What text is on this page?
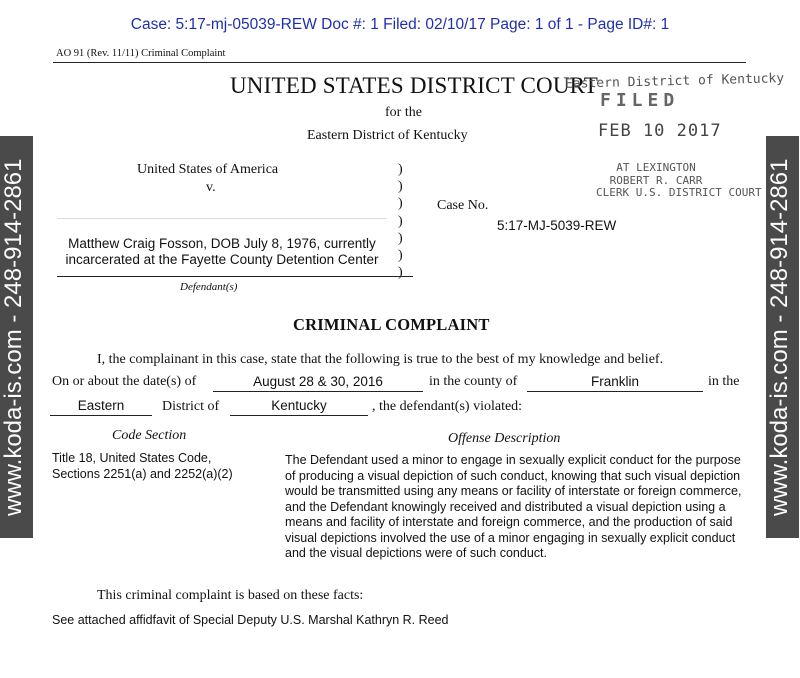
Case: 5:17-mj-05039-REW Doc #: 1 Filed: 02/10/17 Page: 1 of 1 - Page ID#: 1
AO 91 (Rev. 11/11) Criminal Complaint
UNITED STATES DISTRICT COURT
for the
Eastern District of Kentucky
Eastern District of Kentucky
FILED
FEB 10 2017
AT LEXINGTON
ROBERT R. CARR
CLERK U.S. DISTRICT COURT
United States of America
v.
)
)
)
)
)
)
)
Case No.
5:17-MJ-5039-REW
Matthew Craig Fosson, DOB July 8, 1976, currently
incarcerated at the Fayette County Detention Center
Defendant(s)
CRIMINAL COMPLAINT
I, the complainant in this case, state that the following is true to the best of my knowledge and belief.
On or about the date(s) of	August 28 & 30, 2016	in the county of	Franklin	in the
Eastern	District of	Kentucky	, the defendant(s) violated:
Code Section	Offense Description
Title 18, United States Code,
Sections 2251(a) and 2252(a)(2)
The Defendant used a minor to engage in sexually explicit conduct for the purpose of producing a visual depiction of such conduct, knowing that such visual depiction would be transmitted using any means or facility of interstate or foreign commerce, and the Defendant knowingly received and distributed a visual depiction using a means and facility of interstate and foreign commerce, and the production of said visual depictions involved the use of a minor engaging in sexually explicit conduct and the visual depictions were of such conduct.
This criminal complaint is based on these facts:
See attached affidfavit of Special Deputy U.S. Marshal Kathryn R. Reed
www.koda-is.com - 248-914-2861	www.koda-is.com - 248-914-2861
